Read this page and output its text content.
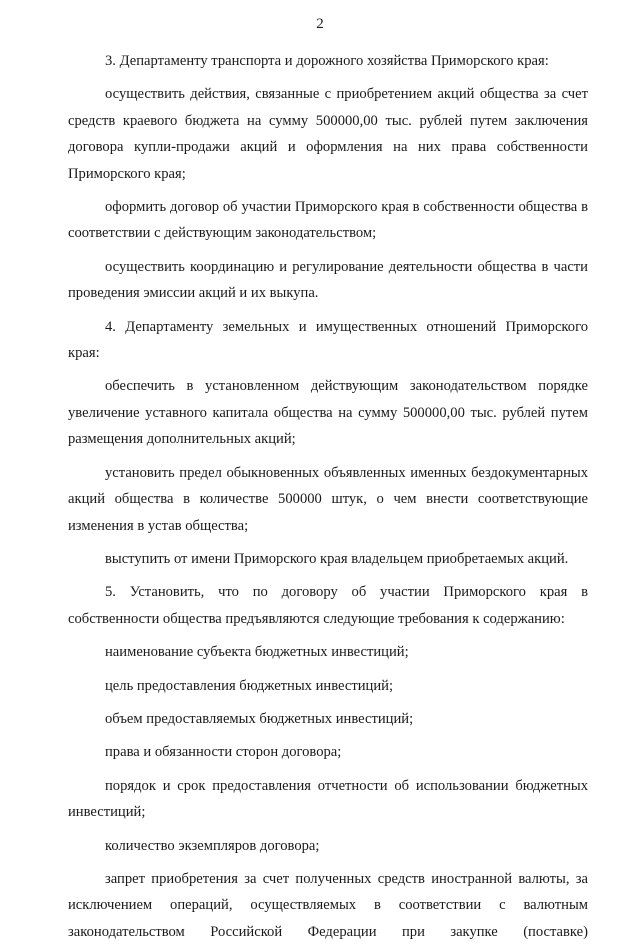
2

3. Департаменту транспорта и дорожного хозяйства Приморского края:

осуществить действия, связанные с приобретением акций общества за счет средств краевого бюджета на сумму 500000,00 тыс. рублей путем заключения договора купли-продажи акций и оформления на них права собственности Приморского края;

оформить договор об участии Приморского края в собственности общества в соответствии с действующим законодательством;

осуществить координацию и регулирование деятельности общества в части проведения эмиссии акций и их выкупа.

4. Департаменту земельных и имущественных отношений Приморского края:

обеспечить в установленном действующим законодательством порядке увеличение уставного капитала общества на сумму 500000,00 тыс. рублей путем размещения дополнительных акций;

установить предел обыкновенных объявленных именных бездокументарных акций общества в количестве 500000 штук, о чем внести соответствующие изменения в устав общества;

выступить от имени Приморского края владельцем приобретаемых акций.

5. Установить, что по договору об участии Приморского края в собственности общества предъявляются следующие требования к содержанию:

наименование субъекта бюджетных инвестиций;

цель предоставления бюджетных инвестиций;

объем предоставляемых бюджетных инвестиций;

права и обязанности сторон договора;

порядок и срок предоставления отчетности об использовании бюджетных инвестиций;

количество экземпляров договора;

запрет приобретения за счет полученных средств иностранной валюты, за исключением операций, осуществляемых в соответствии с валютным законодательством Российской Федерации при закупке (поставке)
